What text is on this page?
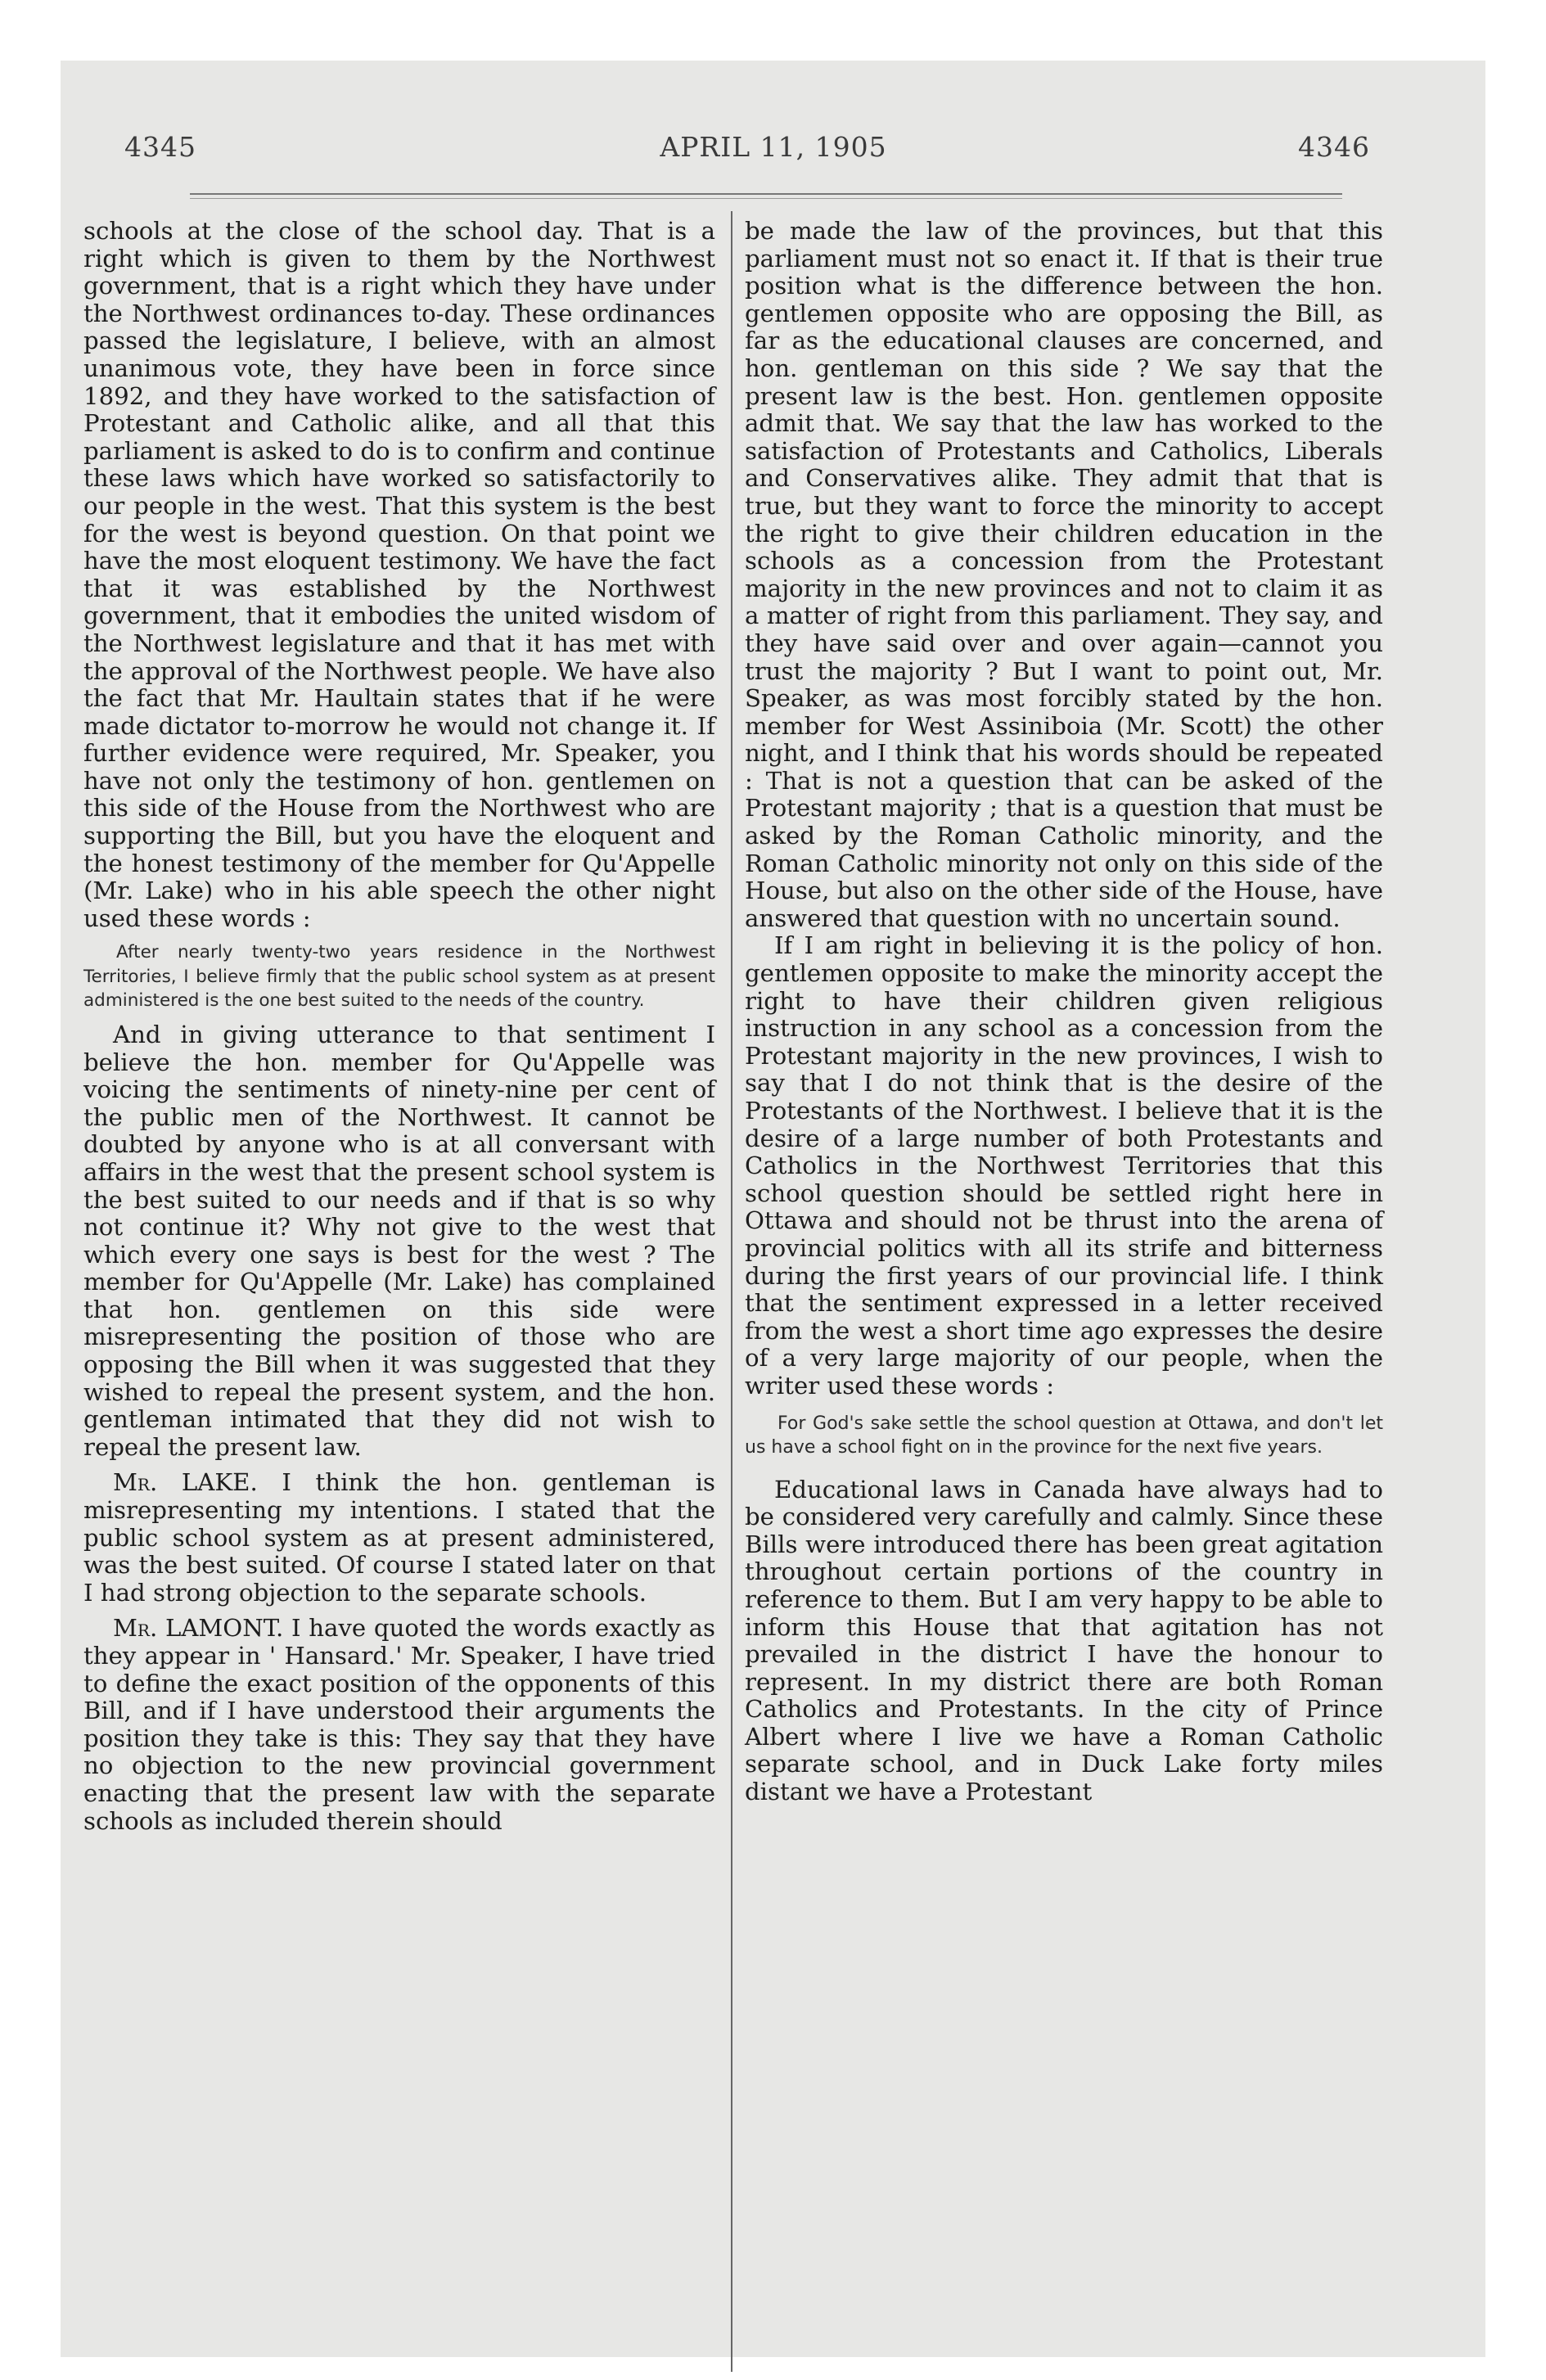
4345	APRIL 11, 1905	4346

schools at the close of the school day. That is a right which is given to them by the Northwest government, that is a right which they have under the Northwest ordinances to-day. These ordinances passed the legislature, I believe, with an almost unanimous vote, they have been in force since 1892, and they have worked to the satisfaction of Protestant and Catholic alike, and all that this parliament is asked to do is to confirm and continue these laws which have worked so satisfactorily to our people in the west. That this system is the best for the west is beyond question. On that point we have the most eloquent testimony. We have the fact that it was established by the Northwest government, that it embodies the united wisdom of the Northwest legislature and that it has met with the approval of the Northwest people. We have also the fact that Mr. Haultain states that if he were made dictator to-morrow he would not change it. If further evidence were required, Mr. Speaker, you have not only the testimony of hon. gentlemen on this side of the House from the Northwest who are supporting the Bill, but you have the eloquent and the honest testimony of the member for Qu'Appelle (Mr. Lake) who in his able speech the other night used these words :

After nearly twenty-two years residence in the Northwest Territories, I believe firmly that the public school system as at present administered is the one best suited to the needs of the country.

And in giving utterance to that sentiment I believe the hon. member for Qu'Appelle was voicing the sentiments of ninety-nine per cent of the public men of the Northwest. It cannot be doubted by anyone who is at all conversant with affairs in the west that the present school system is the best suited to our needs and if that is so why not continue it? Why not give to the west that which every one says is best for the west ? The member for Qu'Appelle (Mr. Lake) has complained that hon. gentlemen on this side were misrepresenting the position of those who are opposing the Bill when it was suggested that they wished to repeal the present system, and the hon. gentleman intimated that they did not wish to repeal the present law.

Mr. LAKE. I think the hon. gentleman is misrepresenting my intentions. I stated that the public school system as at present administered, was the best suited. Of course I stated later on that I had strong objection to the separate schools.

Mr. LAMONT. I have quoted the words exactly as they appear in ' Hansard.' Mr. Speaker, I have tried to define the exact position of the opponents of this Bill, and if I have understood their arguments the position they take is this: They say that they have no objection to the new provincial government enacting that the present law with the separate schools as included therein should

be made the law of the provinces, but that this parliament must not so enact it. If that is their true position what is the difference between the hon. gentlemen opposite who are opposing the Bill, as far as the educational clauses are concerned, and hon. gentleman on this side ? We say that the present law is the best. Hon. gentlemen opposite admit that. We say that the law has worked to the satisfaction of Protestants and Catholics, Liberals and Conservatives alike. They admit that that is true, but they want to force the minority to accept the right to give their children education in the schools as a concession from the Protestant majority in the new provinces and not to claim it as a matter of right from this parliament. They say, and they have said over and over again—cannot you trust the majority ? But I want to point out, Mr. Speaker, as was most forcibly stated by the hon. member for West Assiniboia (Mr. Scott) the other night, and I think that his words should be repeated : That is not a question that can be asked of the Protestant majority ; that is a question that must be asked by the Roman Catholic minority, and the Roman Catholic minority not only on this side of the House, but also on the other side of the House, have answered that question with no uncertain sound.

If I am right in believing it is the policy of hon. gentlemen opposite to make the minority accept the right to have their children given religious instruction in any school as a concession from the Protestant majority in the new provinces, I wish to say that I do not think that is the desire of the Protestants of the Northwest. I believe that it is the desire of a large number of both Protestants and Catholics in the Northwest Territories that this school question should be settled right here in Ottawa and should not be thrust into the arena of provincial politics with all its strife and bitterness during the first years of our provincial life. I think that the sentiment expressed in a letter received from the west a short time ago expresses the desire of a very large majority of our people, when the writer used these words :

For God's sake settle the school question at Ottawa, and don't let us have a school fight on in the province for the next five years.

Educational laws in Canada have always had to be considered very carefully and calmly. Since these Bills were introduced there has been great agitation throughout certain portions of the country in reference to them. But I am very happy to be able to inform this House that that agitation has not prevailed in the district I have the honour to represent. In my district there are both Roman Catholics and Protestants. In the city of Prince Albert where I live we have a Roman Catholic separate school, and in Duck Lake forty miles distant we have a Protestant
